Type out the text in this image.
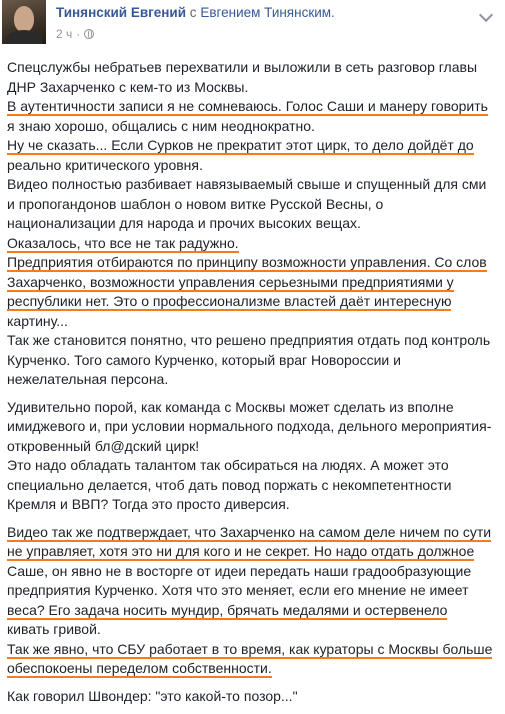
Тинянский Евгений с Евгением Тинянским.
2 ч ·
Спецслужбы небратьев перехватили и выложили в сеть разговор главы
ДНР Захарченко с кем-то из Москвы.
В аутентичности записи я не сомневаюсь. Голос Саши и манеру говорить
я знаю хорошо, общались с ним неоднократно.
Ну че сказать... Если Сурков не прекратит этот цирк, то дело дойдёт до
реально критического уровня.
Видео полностью разбивает навязываемый свыше и спущенный для сми
и пропогандонов шаблон о новом витке Русской Весны, о
национализации для народа и прочих высоких вещах.
Оказалось, что все не так радужно.
Предприятия отбираются по принципу возможности управления. Со слов
Захарченко, возможности управления серьезными предприятиями у
республики нет. Это о профессионализме властей даёт интересную
картину...
Так же становится понятно, что решено предприятия отдать под контроль
Курченко. Того самого Курченко, который враг Новороссии и
нежелательная персона.
Удивительно порой, как команда с Москвы может сделать из вполне
имиджевого и, при условии нормального подхода, дельного мероприятия-
откровенный бл@дский цирк!
Это надо обладать талантом так обсираться на людях. А может это
специально делается, чтоб дать повод поржать с некомпетентности
Кремля и ВВП? Тогда это просто диверсия.
Видео так же подтверждает, что Захарченко на самом деле ничем по сути
не управляет, хотя это ни для кого и не секрет. Но надо отдать должное
Саше, он явно не в восторге от идеи передать наши градообразующие
предприятия Курченко. Хотя что это меняет, если его мнение не имеет
веса? Его задача носить мундир, брячать медалями и остервенело
кивать гривой.
Так же явно, что СБУ работает в то время, как кураторы с Москвы больше
обеспокоены переделом собственности.
Как говорил Швондер: "это какой-то позор..."
